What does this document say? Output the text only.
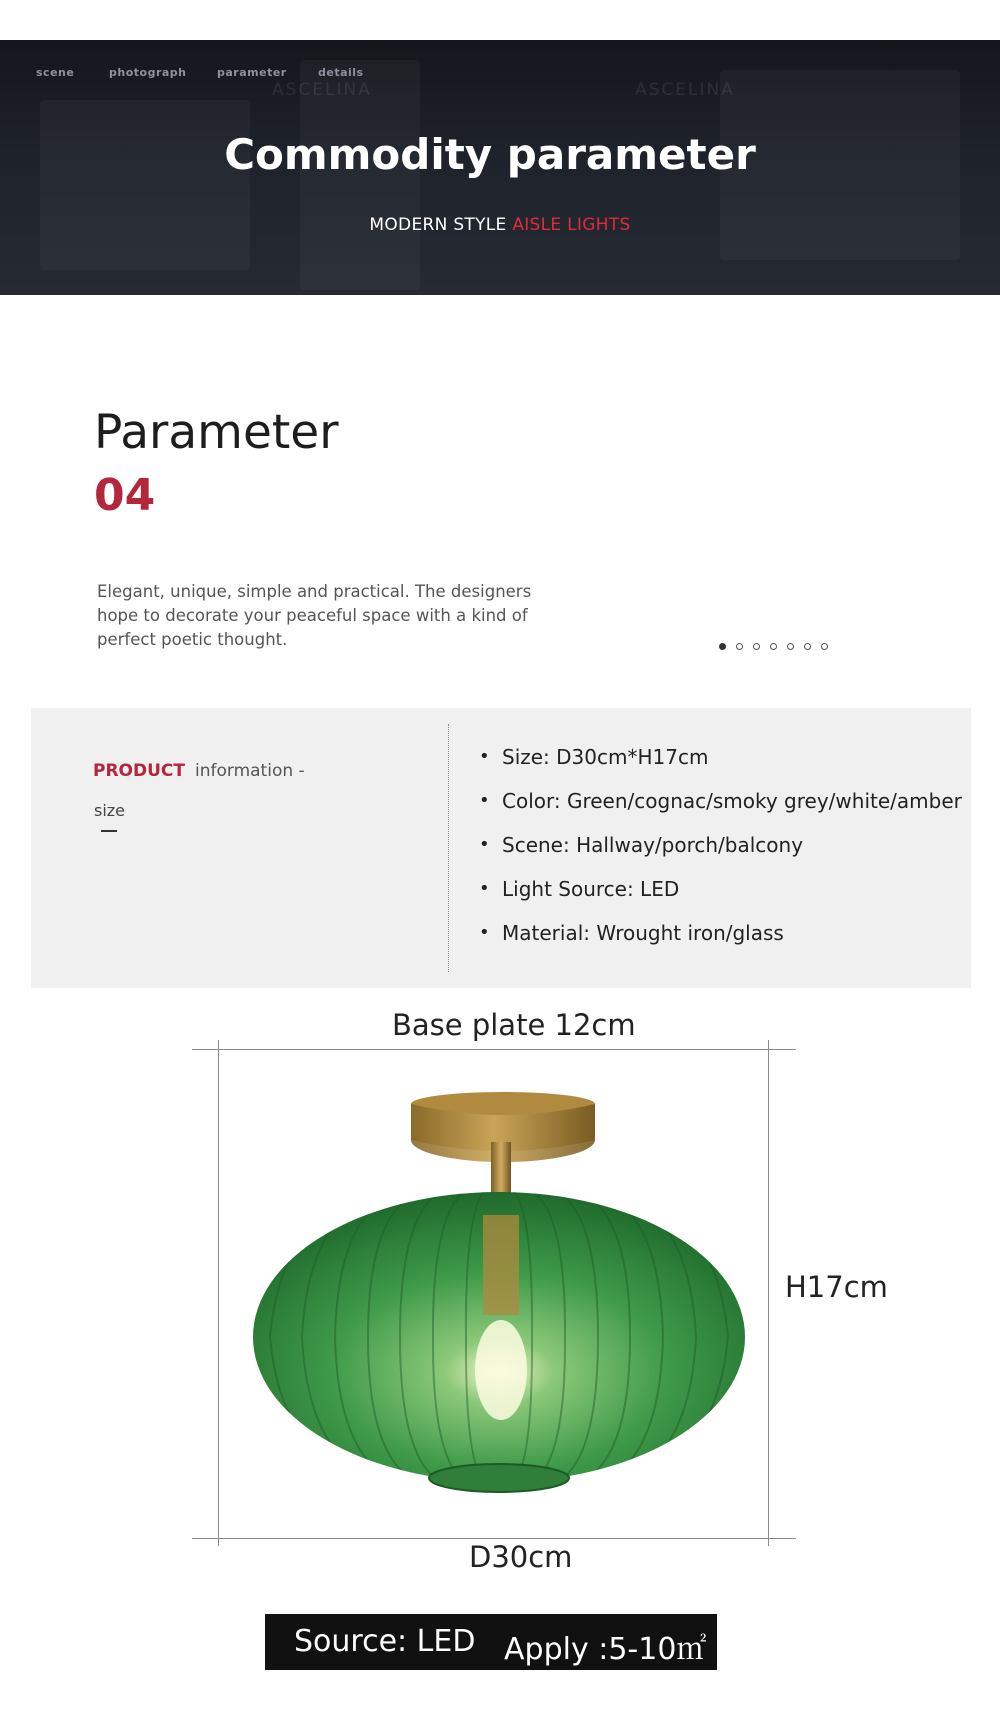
scene	photograph	parameter	details
ASCELINA	ASCELINA
Commodity parameter
MODERN STYLE AISLE LIGHTS
Parameter
04

Elegant, unique, simple and practical. The designers hope to decorate your peaceful space with a kind of perfect poetic thought.

PRODUCT information -
size
• Size: D30cm*H17cm
• Color: Green/cognac/smoky grey/white/amber
• Scene: Hallway/porch/balcony
• Light Source: LED
• Material: Wrought iron/glass
Base plate 12cm
H17cm
D30cm
Source: LED Apply :5-10㎡
